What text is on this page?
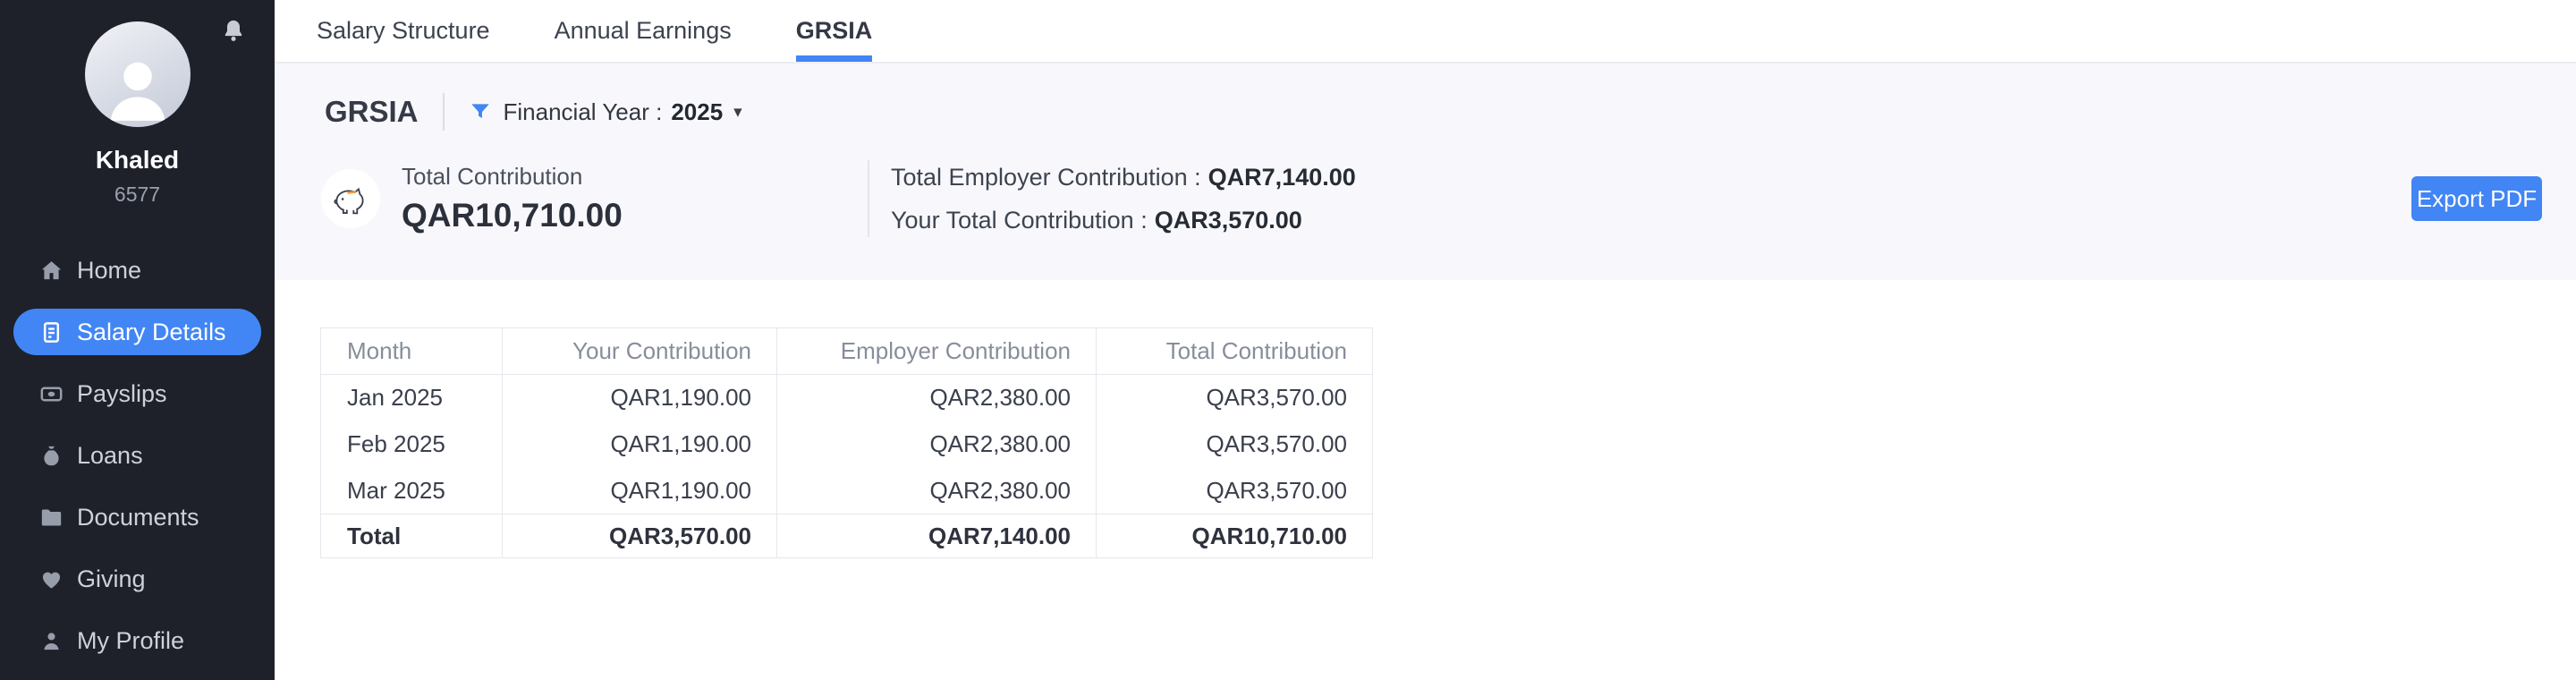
Khaled
6577
Home
Salary Details
Payslips
Loans
Documents
Giving
My Profile
Salary Structure	Annual Earnings	GRSIA
GRSIA	Financial Year : 2025 ▾
Total Contribution
QAR10,710.00
Total Employer Contribution : QAR7,140.00
Your Total Contribution : QAR3,570.00
Export PDF
Month	Your Contribution	Employer Contribution	Total Contribution
Jan 2025	QAR1,190.00	QAR2,380.00	QAR3,570.00
Feb 2025	QAR1,190.00	QAR2,380.00	QAR3,570.00
Mar 2025	QAR1,190.00	QAR2,380.00	QAR3,570.00
Total	QAR3,570.00	QAR7,140.00	QAR10,710.00
